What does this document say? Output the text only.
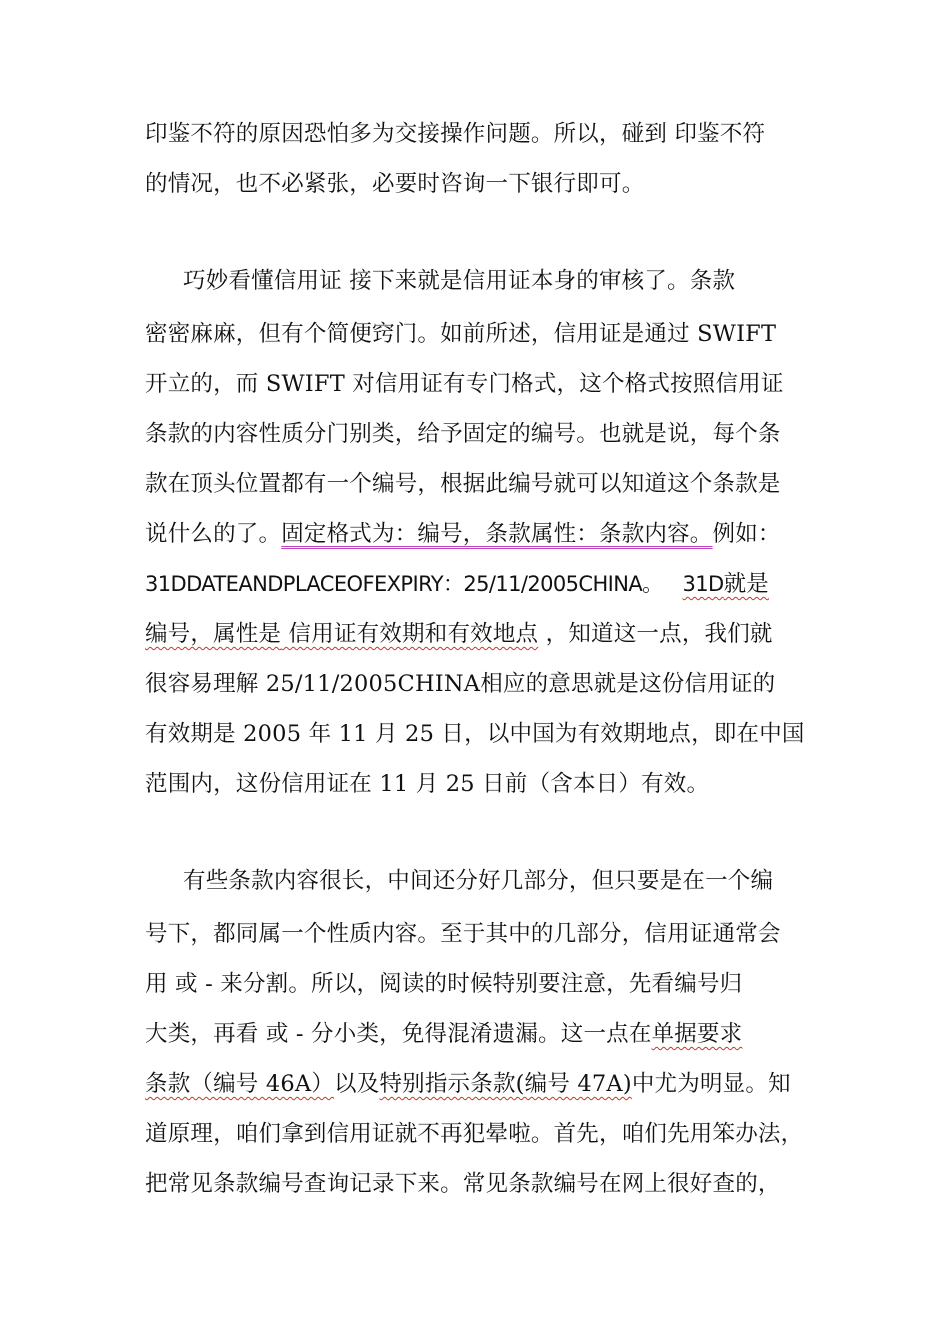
印鉴不符的原因恐怕多为交接操作问题。所以，碰到 印鉴不符
的情况，也不必紧张，必要时咨询一下银行即可。
巧妙看懂信用证 接下来就是信用证本身的审核了。条款
密密麻麻，但有个简便窍门。如前所述，信用证是通过 SWIFT
开立的，而 SWIFT 对信用证有专门格式，这个格式按照信用证
条款的内容性质分门别类，给予固定的编号。也就是说，每个条
款在顶头位置都有一个编号，根据此编号就可以知道这个条款是
说什么的了。固定格式为：编号，条款属性：条款内容。例如：
31DDATEANDPLACEOFEXPIRY：25/11/2005CHINA。 31D就是
编号，属性是 信用证有效期和有效地点 ，知道这一点，我们就
很容易理解 25/11/2005CHINA相应的意思就是这份信用证的
有效期是 2005 年 11 月 25 日，以中国为有效期地点，即在中国
范围内，这份信用证在 11 月 25 日前（含本日）有效。
有些条款内容很长，中间还分好几部分，但只要是在一个编
号下，都同属一个性质内容。至于其中的几部分，信用证通常会
用 或 - 来分割。所以，阅读的时候特别要注意，先看编号归
大类，再看 或 - 分小类，免得混淆遗漏。这一点在单据要求
条款（编号 46A）以及特别指示条款(编号 47A)中尤为明显。知
道原理，咱们拿到信用证就不再犯晕啦。首先，咱们先用笨办法，
把常见条款编号查询记录下来。常见条款编号在网上很好查的，
